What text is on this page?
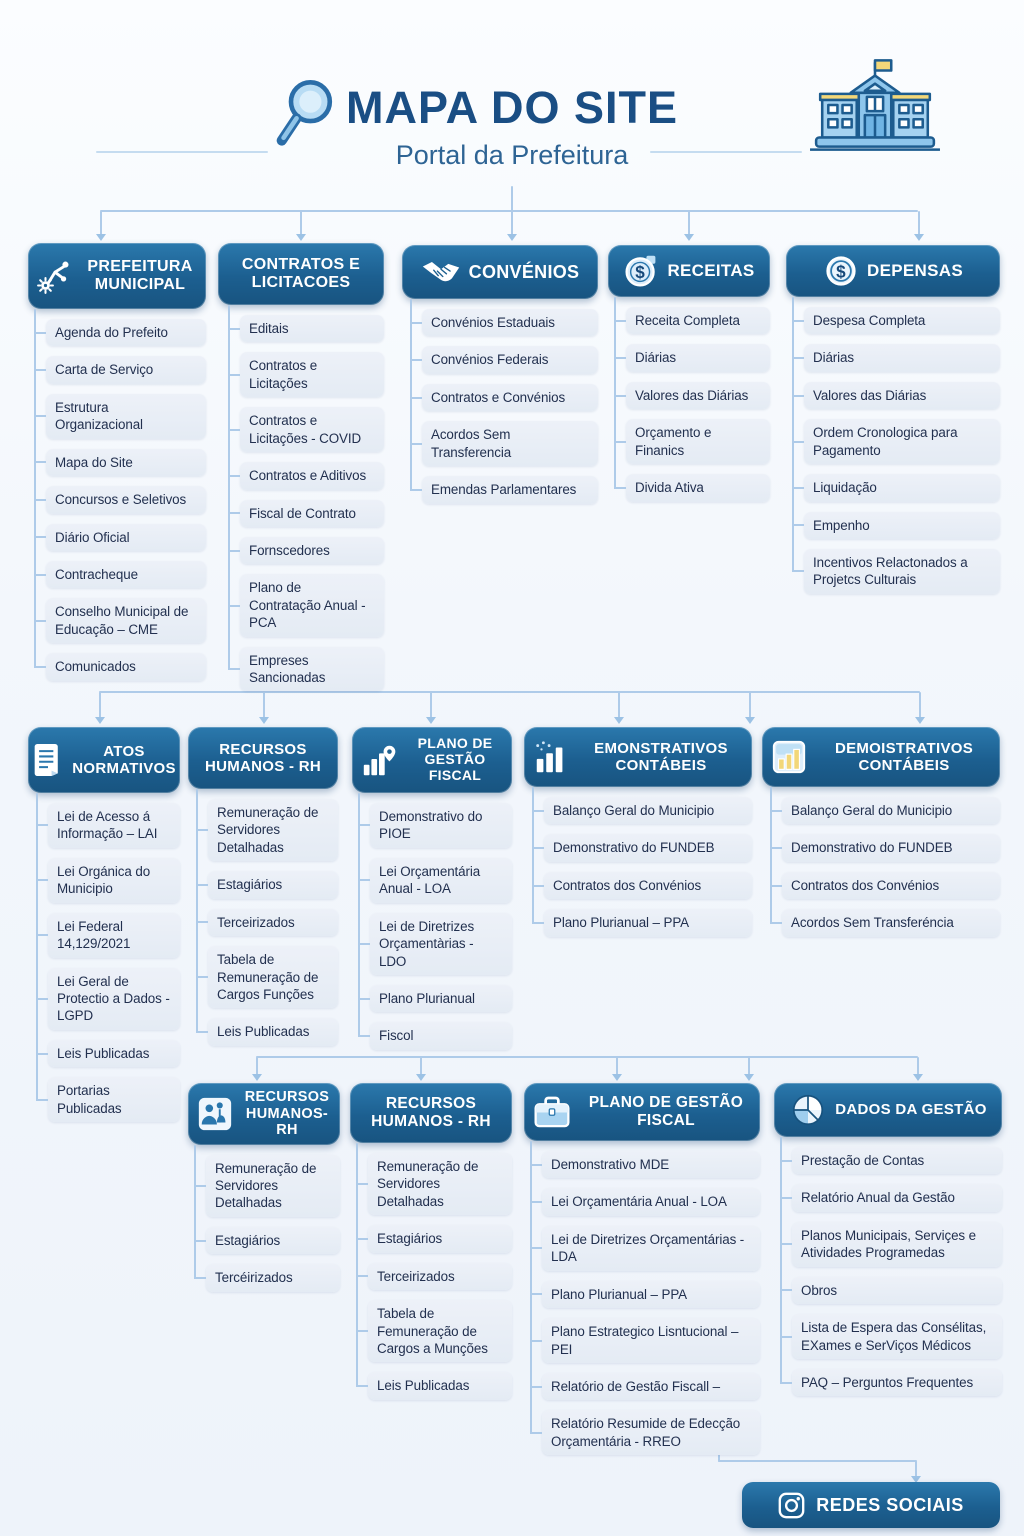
MAPA DO SITE
Portal da Prefeitura
REDES SOCIAIS
PREFEITURA MUNICIPAL
Agenda do Prefeito
Carta de Serviço
Estrutura Organizacional
Mapa do Site
Concursos e Seletivos
Diário Oficial
Contracheque
Conselho Municipal de Educação – CME
Comunicados
CONTRATOS E LICITACOES
Editais
Contratos e Licitações
Contratos e Licitações - COVID
Contratos e Aditivos
Fiscal de Contrato
Fornscedores
Plano de Contratação Anual - PCA
Empreses Sancionadas
CONVÉNIOS
Convénios Estaduais
Convénios Federais
Contratos e Convénios
Acordos Sem Transferencia
Emendas Parlamentares
$ RECEITAS
Receita Completa
Diárias
Valores das Diárias
Orçamento e Finanics
Divida Ativa
$ DEPENSAS
Despesa Completa
Diárias
Valores das Diárias
Ordem Cronologica para Pagamento
Liquidação
Empenho
Incentivos Relactonados a Projetcs Culturais
ATOS NORMATIVOS
Lei de Acesso á Informação – LAI
Lei Orgánica do Municipio
Lei Federal 14,129/2021
Lei Geral de Protectio a Dados - LGPD
Leis Publicadas
Portarias Publicadas
RECURSOS HUMANOS - RH
Remuneração de Servidores Detalhadas
Estagiários
Terceirizados
Tabela de Remuneração de Cargos Funções
Leis Publicadas
PLANO DE GESTÃO FISCAL
Demonstrativo do PIOE
Lei Orçamentária Anual - LOA
Lei de Diretrizes Orçamentàrias - LDO
Plano Plurianual
Fiscol
EMONSTRATIVOS CONTÁBEIS
Balanço Geral do Municipio
Demonstrativo do FUNDEB
Contratos dos Convénios
Plano Plurianual – PPA
DEMOISTRATIVOS CONTÁBEIS
Balanço Geral do Municipio
Demonstrativo do FUNDEB
Contratos dos Convénios
Acordos Sem Transferéncia
RECURSOS HUMANOS-RH
Remuneração de Servidores Detalhadas
Estagiários
Tercéirizados
RECURSOS HUMANOS - RH
Remuneração de Servidores Detalhadas
Estagiários
Terceirizados
Tabela de Femuneração de Cargos a Munções
Leis Publicadas
PLANO DE GESTÃO FISCAL
Demonstrativo MDE
Lei Orçamentária Anual - LOA
Lei de Diretrizes Orçamentárias - LDA
Plano Plurianual – PPA
Plano Estrategico Lisntucional – PEI
Relatório de Gestão Fiscall –
Relatório Resumide de Edecção Orçamentária - RREO
DADOS DA GESTÃO
Prestação de Contas
Relatório Anual da Gestão
Planos Municipais, Serviçes e Atividades Programedas
Obros
Lista de Espera das Consélitas, EXames e SerViços Médicos
PAQ – Perguntos Frequentes
